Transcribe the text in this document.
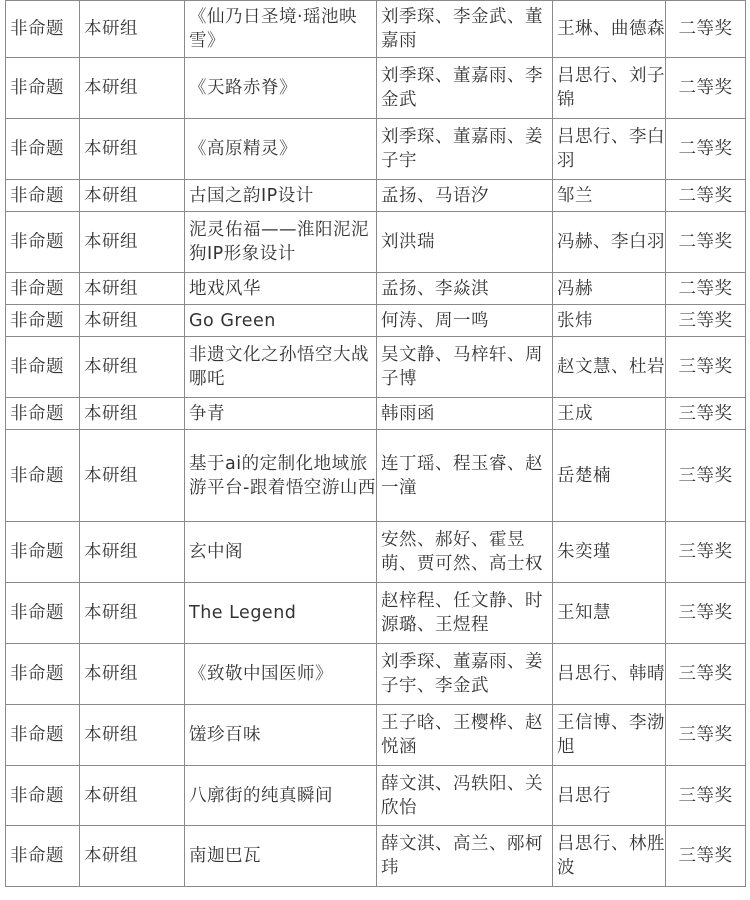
非命题	本研组	《仙乃日圣境·瑶池映雪》	刘季琛、李金武、董嘉雨	王琳、曲德森	二等奖
非命题	本研组	《天路赤脊》	刘季琛、董嘉雨、李金武	吕思行、刘子锦	二等奖
非命题	本研组	《高原精灵》	刘季琛、董嘉雨、姜子宇	吕思行、李白羽	二等奖
非命题	本研组	古国之韵IP设计	孟扬、马语汐	邹兰	二等奖
非命题	本研组	泥灵佑福——淮阳泥泥狗IP形象设计	刘洪瑞	冯赫、李白羽	二等奖
非命题	本研组	地戏风华	孟扬、李焱淇	冯赫	二等奖
非命题	本研组	Go Green	何涛、周一鸣	张炜	三等奖
非命题	本研组	非遗文化之孙悟空大战哪吒	吴文静、马梓轩、周子博	赵文慧、杜岩	三等奖
非命题	本研组	争青	韩雨函	王成	三等奖
非命题	本研组	基于ai的定制化地域旅游平台-跟着悟空游山西	连丁瑶、程玉睿、赵一潼	岳楚楠	三等奖
非命题	本研组	玄中阁	安然、郝好、霍昱萌、贾可然、高士权	朱奕瑾	三等奖
非命题	本研组	The Legend	赵梓程、任文静、时源璐、王煜程	王知慧	三等奖
非命题	本研组	《致敬中国医师》	刘季琛、董嘉雨、姜子宇、李金武	吕思行、韩晴	三等奖
非命题	本研组	馐珍百味	王子晗、王樱桦、赵悦涵	王信博、李渤旭	三等奖
非命题	本研组	八廓街的纯真瞬间	薛文淇、冯轶阳、关欣怡	吕思行	三等奖
非命题	本研组	南迦巴瓦	薛文淇、高兰、邴柯玮	吕思行、林胜波	三等奖
